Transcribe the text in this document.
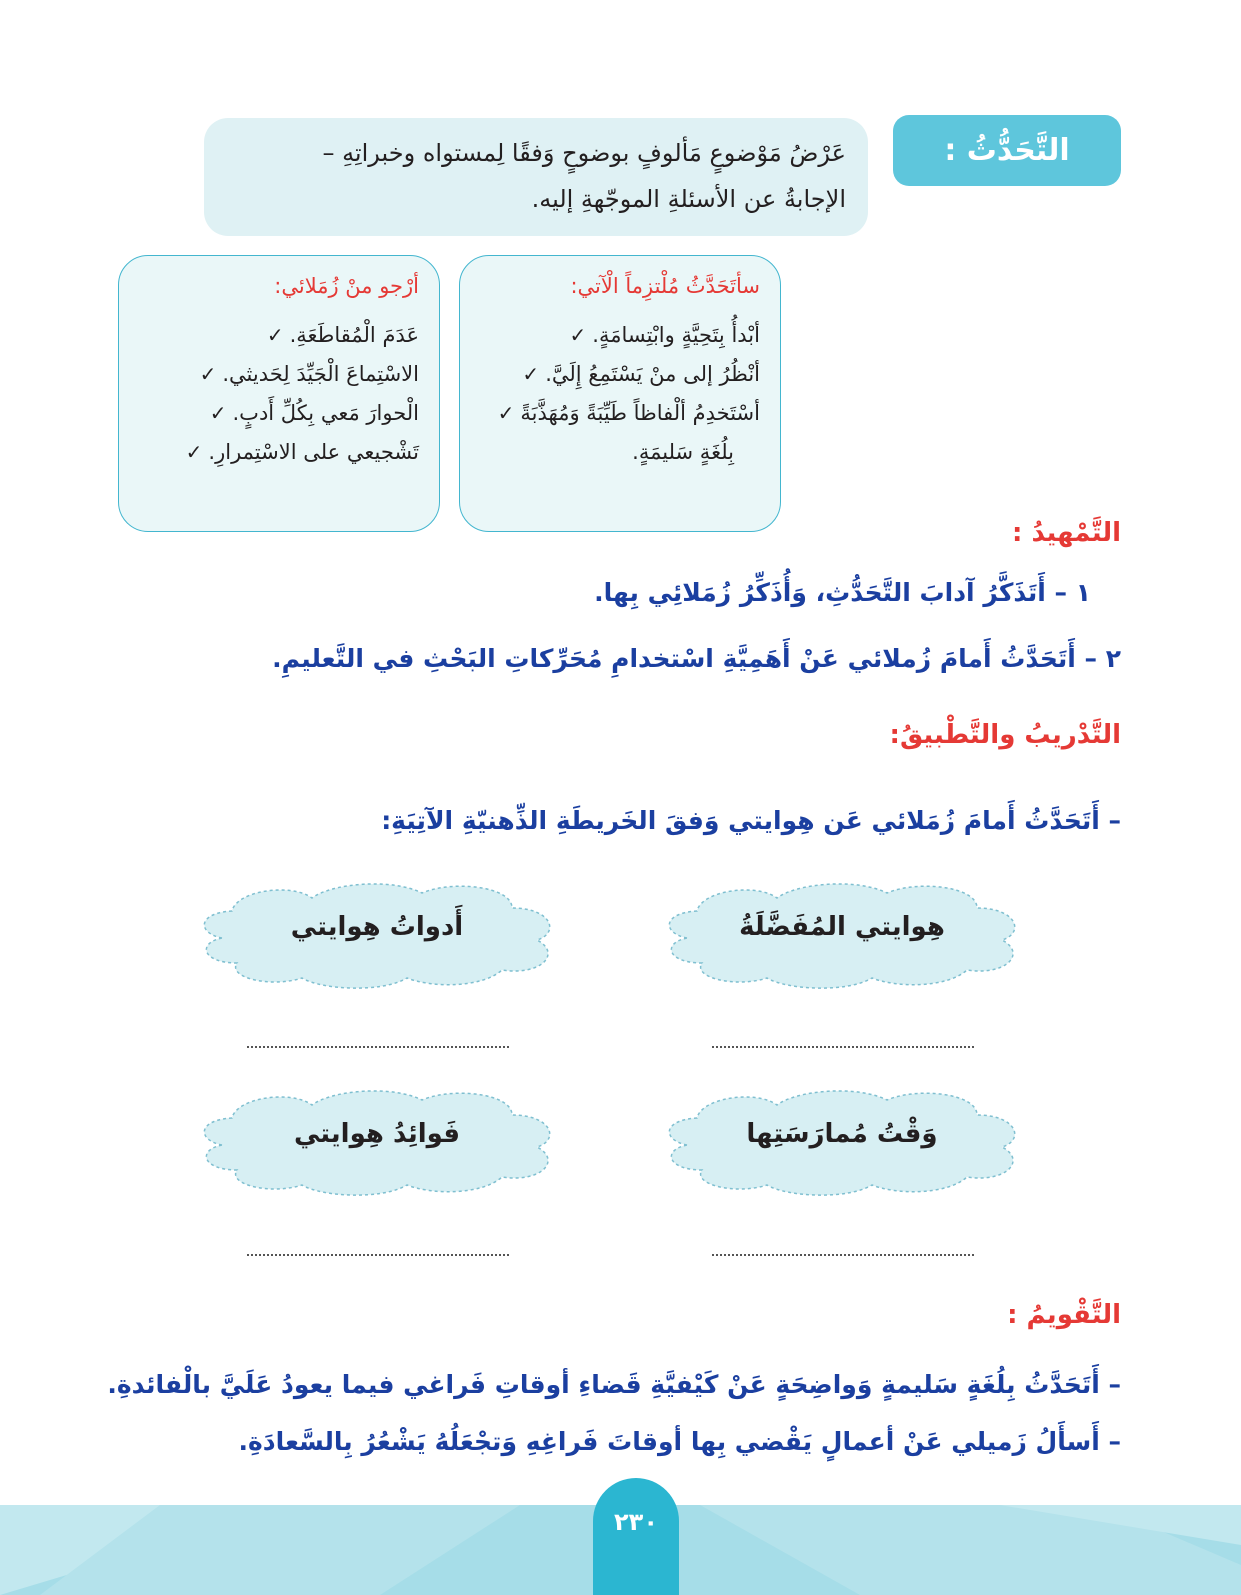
التَّحَدُّثُ :
عَرْضُ مَوْضوعٍ مَألوفٍ بوضوحٍ وَفقًا لِمستواه وخبراتِهِ –
الإجابةُ عن الأسئلةِ الموجّهةِ إليه.
سأتَحَدَّثُ مُلْتزِماً الْآتي:
أبْدأُ بِتَحِيَّةٍ وابْتِسامَةٍ.
✓
أنْظُرُ إلى منْ يَسْتَمِعُ إِلَيَّ.
✓
أسْتَخدِمُ ألْفاظاً طَيِّبَةً وَمُهَذَّبَةً
✓
بِلُغَةٍ سَليمَةٍ.
أرْجو منْ زُمَلائي:
عَدَمَ الْمُقاطَعَةِ.
✓
الاسْتِماعَ الْجَيِّدَ لِحَديثي.
✓
الْحوارَ مَعي بِكُلِّ أَدبٍ.
✓
تَشْجيعي على الاسْتِمرارِ.
✓
التَّمْهيدُ :
١ – أَتَذَكَّرُ آدابَ التَّحَدُّثِ، وَأُذَكِّرُ زُمَلائِي بِها.
٢ – أَتَحَدَّثُ أَمامَ زُملائي عَنْ أَهَمِيَّةِ اسْتخدامِ مُحَرِّكاتِ البَحْثِ في التَّعليمِ.
التَّدْريبُ والتَّطْبيقُ:
– أَتَحَدَّثُ أَمامَ زُمَلائي عَن هِوايتي وَفقَ الخَريطَةِ الذِّهنيّةِ الآتِيَةِ:
هِوايتي المُفَضَّلَةُ
أَدواتُ هِوايتي
وَقْتُ مُمارَسَتِها
فَوائِدُ هِوايتي
التَّقْويمُ :
– أَتَحَدَّثُ بِلُغَةٍ سَليمةٍ وَواضِحَةٍ عَنْ كَيْفيَّةِ قَضاءِ أوقاتِ فَراغي فيما يعودُ عَلَيَّ بالْفائدةِ.
– أَسأَلُ زَميلي عَنْ أعمالٍ يَقْضي بِها أوقاتَ فَراغِهِ وَتجْعَلُهُ يَشْعُرُ بِالسَّعادَةِ.
٢٣٠
